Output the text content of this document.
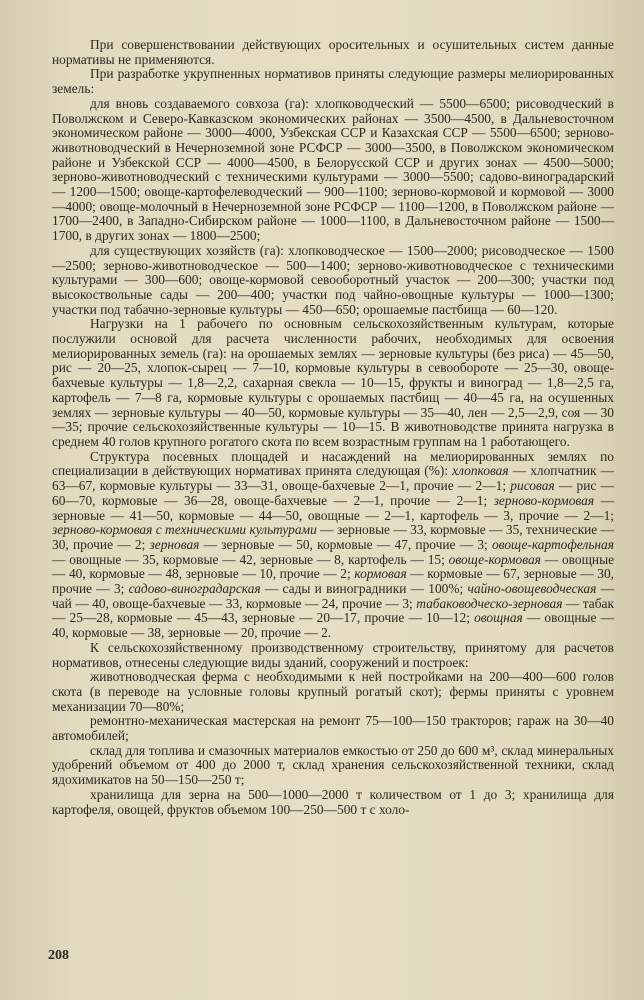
При совершенствовании действующих оросительных и осушительных систем данные нормативы не применяются.

При разработке укрупненных нормативов приняты следующие размеры мелиорированных земель:

для вновь создаваемого совхоза (га): хлопководческий — 5500—6500; рисоводческий в Поволжском и Северо-Кавказском экономических районах — 3500—4500, в Дальневосточном экономическом районе — 3000—4000, Узбекская ССР и Казахская ССР — 5500—6500; зерново-животноводческий в Нечерноземной зоне РСФСР — 3000—3500, в Поволжском экономическом районе и Узбекской ССР — 4000—4500, в Белорусской ССР и других зонах — 4500—5000; зерново-животноводческий с техническими культурами — 3000—5500; садово-виноградарский — 1200—1500; овоще-картофелеводческий — 900—1100; зерново-кормовой и кормовой — 3000—4000; овоще-молочный в Нечерноземной зоне РСФСР — 1100—1200, в Поволжском районе — 1700—2400, в Западно-Сибирском районе — 1000—1100, в Дальневосточном районе — 1500—1700, в других зонах — 1800—2500;

для существующих хозяйств (га): хлопководческое — 1500—2000; рисоводческое — 1500—2500; зерново-животноводческое — 500—1400; зерново-животноводческое с техническими культурами — 300—600; овоще-кормовой севооборотный участок — 200—300; участки под высокоствольные сады — 200—400; участки под чайно-овощные культуры — 1000—1300; участки под табачно-зерновые культуры — 450—650; орошаемые пастбища — 60—120.

Нагрузки на 1 рабочего по основным сельскохозяйственным культурам, которые послужили основой для расчета численности рабочих, необходимых для освоения мелиорированных земель (га): на орошаемых землях — зерновые культуры (без риса) — 45—50, рис — 20—25, хлопок-сырец — 7—10, кормовые культуры в севообороте — 25—30, овоще-бахчевые культуры — 1,8—2,2, сахарная свекла — 10—15, фрукты и виноград — 1,8—2,5 га, картофель — 7—8 га, кормовые культуры с орошаемых пастбищ — 40—45 га, на осушенных землях — зерновые культуры — 40—50, кормовые культуры — 35—40, лен — 2,5—2,9, соя — 30—35; прочие сельскохозяйственные культуры — 10—15. В животноводстве принята нагрузка в среднем 40 голов крупного рогатого скота по всем возрастным группам на 1 работающего.

Структура посевных площадей и насаждений на мелиорированных землях по специализации в действующих нормативах принята следующая (%): хлопковая — хлопчатник — 63—67, кормовые культуры — 33—31, овоще-бахчевые 2—1, прочие — 2—1; рисовая — рис — 60—70, кормовые — 36—28, овоще-бахчевые — 2—1, прочие — 2—1; зерново-кормовая — зерновые — 41—50, кормовые — 44—50, овощные — 2—1, картофель — 3, прочие — 2—1; зерново-кормовая с техническими культурами — зерновые — 33, кормовые — 35, технические — 30, прочие — 2; зерновая — зерновые — 50, кормовые — 47, прочие — 3; овоще-картофельная — овощные — 35, кормовые — 42, зерновые — 8, картофель — 15; овоще-кормовая — овощные — 40, кормовые — 48, зерновые — 10, прочие — 2; кормовая — кормовые — 67, зерновые — 30, прочие — 3; садово-виноградарская — сады и виноградники — 100%; чайно-овощеводческая — чай — 40, овоще-бахчевые — 33, кормовые — 24, прочие — 3; табаководческо-зерновая — табак — 25—28, кормовые — 45—43, зерновые — 20—17, прочие — 10—12; овощная — овощные — 40, кормовые — 38, зерновые — 20, прочие — 2.

К сельскохозяйственному производственному строительству, принятому для расчетов нормативов, отнесены следующие виды зданий, сооружений и построек:

животноводческая ферма с необходимыми к ней постройками на 200—400—600 голов скота (в переводе на условные головы крупный рогатый скот); фермы приняты с уровнем механизации 70—80%;

ремонтно-механическая мастерская на ремонт 75—100—150 тракторов; гараж на 30—40 автомобилей;

склад для топлива и смазочных материалов емкостью от 250 до 600 м³, склад минеральных удобрений объемом от 400 до 2000 т, склад хранения сельскохозяйственной техники, склад ядохимикатов на 50—150—250 т;

хранилища для зерна на 500—1000—2000 т количеством от 1 до 3; хранилища для картофеля, овощей, фруктов объемом 100—250—500 т с холо-

208
